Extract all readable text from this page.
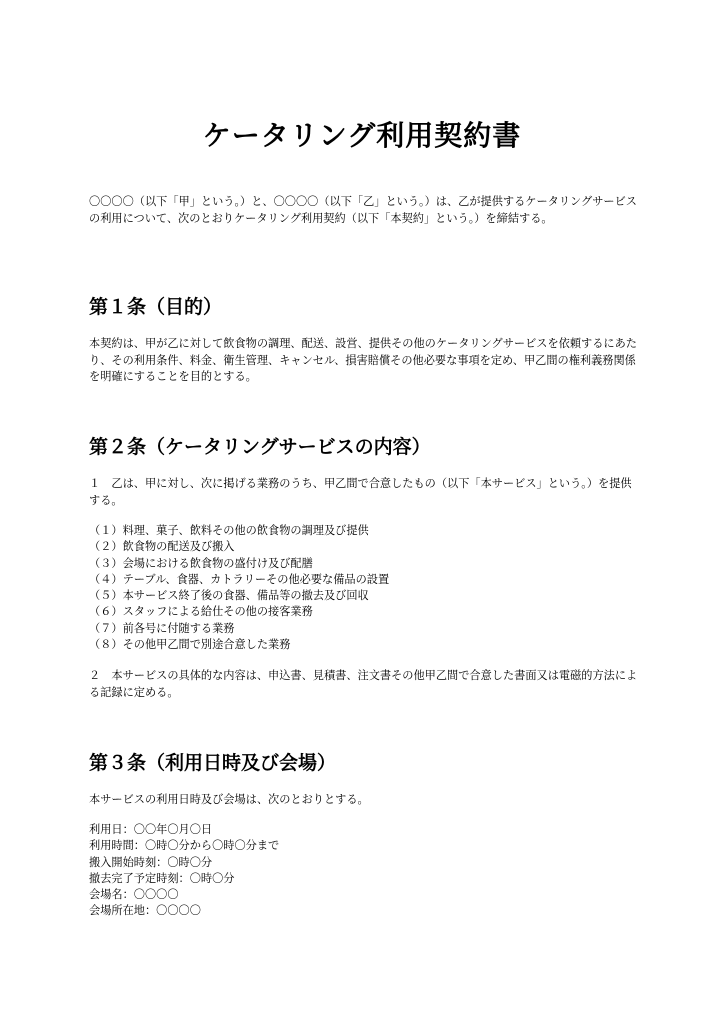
ケータリング利用契約書

〇〇〇〇（以下「甲」という。）と、〇〇〇〇（以下「乙」という。）は、乙が提供するケータリングサービスの利用について、次のとおりケータリング利用契約（以下「本契約」という。）を締結する。

第１条（目的）

本契約は、甲が乙に対して飲食物の調理、配送、設営、提供その他のケータリングサービスを依頼するにあたり、その利用条件、料金、衛生管理、キャンセル、損害賠償その他必要な事項を定め、甲乙間の権利義務関係を明確にすることを目的とする。

第２条（ケータリングサービスの内容）

１　乙は、甲に対し、次に掲げる業務のうち、甲乙間で合意したもの（以下「本サービス」という。）を提供する。

（１）料理、菓子、飲料その他の飲食物の調理及び提供
（２）飲食物の配送及び搬入
（３）会場における飲食物の盛付け及び配膳
（４）テーブル、食器、カトラリーその他必要な備品の設置
（５）本サービス終了後の食器、備品等の撤去及び回収
（６）スタッフによる給仕その他の接客業務
（７）前各号に付随する業務
（８）その他甲乙間で別途合意した業務

２　本サービスの具体的な内容は、申込書、見積書、注文書その他甲乙間で合意した書面又は電磁的方法による記録に定める。

第３条（利用日時及び会場）

本サービスの利用日時及び会場は、次のとおりとする。

利用日：〇〇年〇月〇日
利用時間：〇時〇分から〇時〇分まで
搬入開始時刻：〇時〇分
撤去完了予定時刻：〇時〇分
会場名：〇〇〇〇
会場所在地：〇〇〇〇
